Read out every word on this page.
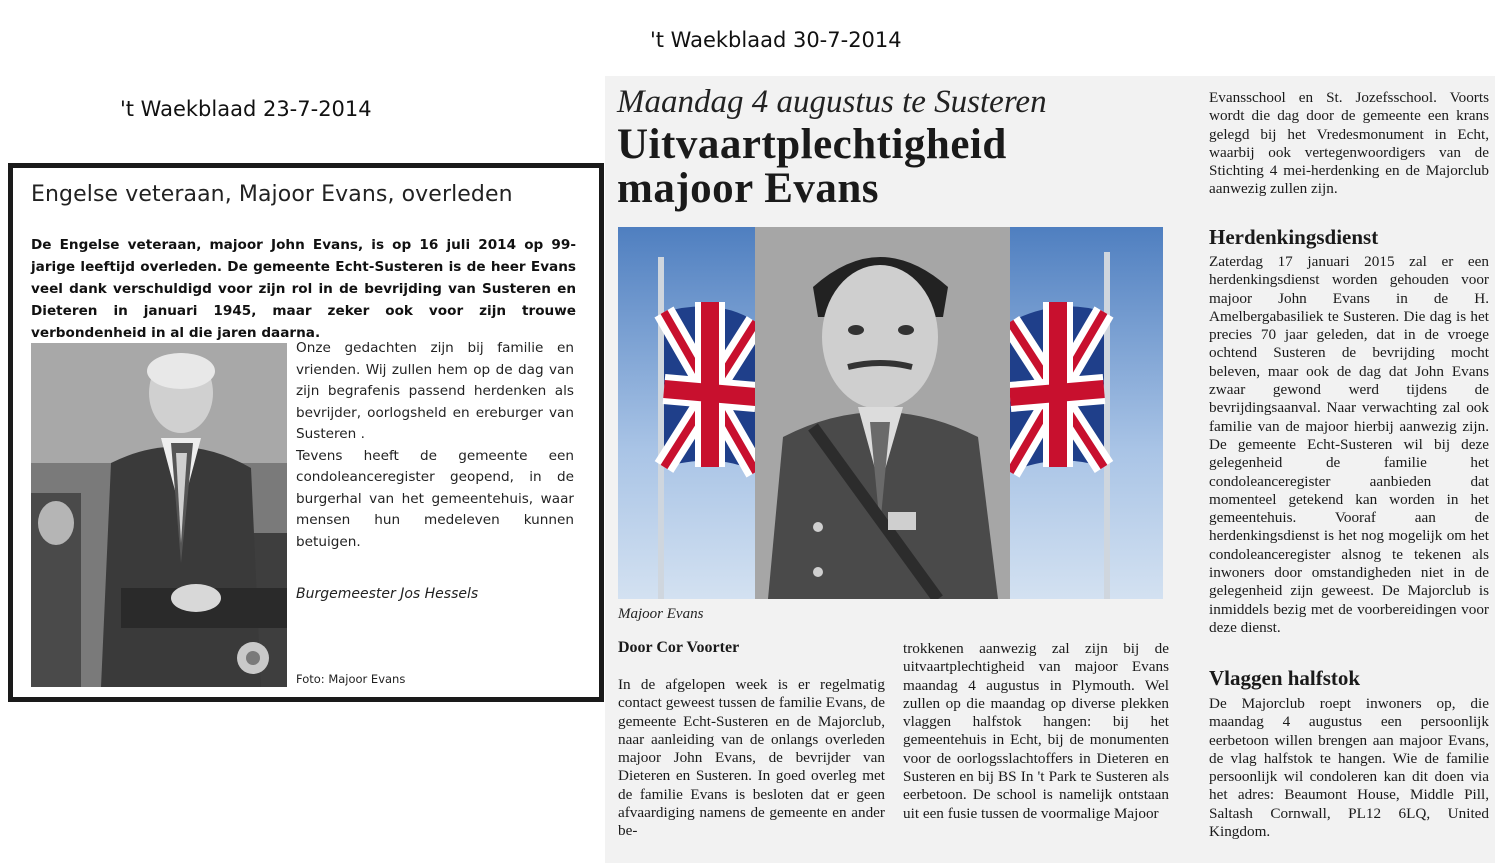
't Waekblaad 30-7-2014
't Waekblaad 23-7-2014
Engelse veteraan, Majoor Evans, overleden
De Engelse veteraan, majoor John Evans, is op 16 juli 2014 op 99-jarige leeftijd overleden. De gemeente Echt-Susteren is de heer Evans veel dank verschuldigd voor zijn rol in de bevrijding van Susteren en Dieteren in januari 1945, maar zeker ook voor zijn trouwe verbondenheid in al die jaren daarna.

Onze gedachten zijn bij familie en vrienden. Wij zullen hem op de dag van zijn begrafenis passend herdenken als bevrijder, oorlogsheld en ereburger van Susteren .

Tevens heeft de gemeente een condoleanceregister geopend, in de burgerhal van het gemeentehuis, waar mensen hun medeleven kunnen betuigen.

Burgemeester Jos Hessels
Foto: Majoor Evans
Maandag 4 augustus te Susteren
Uitvaartplechtigheid
majoor Evans
Majoor Evans
Door Cor Voorter
In de afgelopen week is er regelmatig contact geweest tussen de familie Evans, de gemeente Echt-Susteren en de Majorclub, naar aanleiding van de onlangs overleden majoor John Evans, de bevrijder van Dieteren en Susteren. In goed overleg met de familie Evans is besloten dat er geen afvaardiging namens de gemeente en ander be-
trokkenen aanwezig zal zijn bij de uitvaartplechtigheid van majoor Evans maandag 4 augustus in Plymouth. Wel zullen op die maandag op diverse plekken vlaggen halfstok hangen: bij het gemeentehuis in Echt, bij de monumenten voor de oorlogsslachtoffers in Dieteren en Susteren en bij BS In 't Park te Susteren als eerbetoon. De school is namelijk ontstaan uit een fusie tussen de voormalige Majoor
Evansschool en St. Jozefsschool. Voorts wordt die dag door de gemeente een krans gelegd bij het Vredesmonument in Echt, waarbij ook vertegenwoordigers van de Stichting 4 mei-herdenking en de Majorclub aanwezig zullen zijn.
Herdenkingsdienst
Zaterdag 17 januari 2015 zal er een herdenkingsdienst worden gehouden voor majoor John Evans in de H. Amelbergabasiliek te Susteren. Die dag is het precies 70 jaar geleden, dat in de vroege ochtend Susteren de bevrijding mocht beleven, maar ook de dag dat John Evans zwaar gewond werd tijdens de bevrijdingsaanval. Naar verwachting zal ook familie van de majoor hierbij aanwezig zijn. De gemeente Echt-Susteren wil bij deze gelegenheid de familie het condoleanceregister aanbieden dat momenteel getekend kan worden in het gemeentehuis. Vooraf aan de herdenkingsdienst is het nog mogelijk om het condoleanceregister alsnog te tekenen als inwoners door omstandigheden niet in de gelegenheid zijn geweest. De Majorclub is inmiddels bezig met de voorbereidingen voor deze dienst.
Vlaggen halfstok
De Majorclub roept inwoners op, die maandag 4 augustus een persoonlijk eerbetoon willen brengen aan majoor Evans, de vlag halfstok te hangen. Wie de familie persoonlijk wil condoleren kan dit doen via het adres: Beaumont House, Middle Pill, Saltash Cornwall, PL12 6LQ, United Kingdom.
